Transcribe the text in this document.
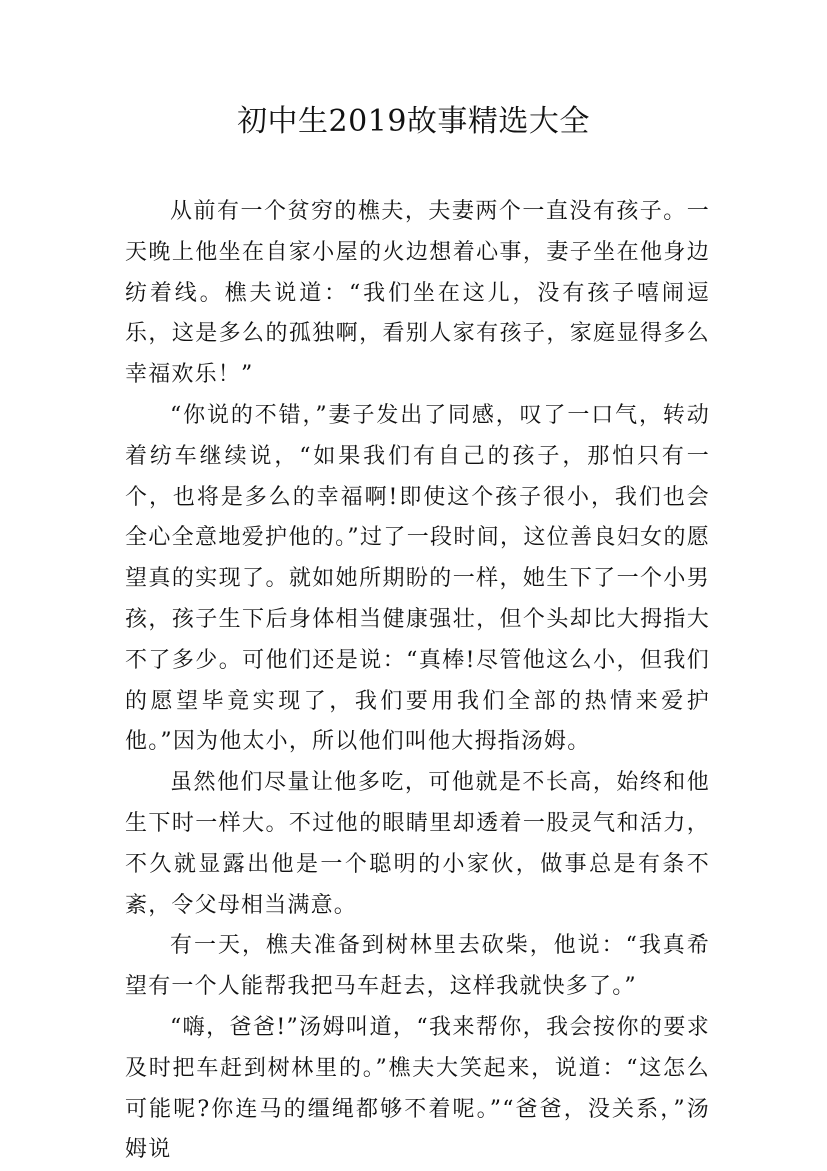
初中生2019故事精选大全

从前有一个贫穷的樵夫，夫妻两个一直没有孩子。一天晚上他坐在自家小屋的火边想着心事，妻子坐在他身边纺着线。樵夫说道：“我们坐在这儿，没有孩子嘻闹逗乐，这是多么的孤独啊，看别人家有孩子，家庭显得多么幸福欢乐！”

“你说的不错，”妻子发出了同感，叹了一口气，转动着纺车继续说，“如果我们有自己的孩子，那怕只有一个，也将是多么的幸福啊!即使这个孩子很小，我们也会全心全意地爱护他的。”过了一段时间，这位善良妇女的愿望真的实现了。就如她所期盼的一样，她生下了一个小男孩，孩子生下后身体相当健康强壮，但个头却比大拇指大不了多少。可他们还是说：“真棒!尽管他这么小，但我们的愿望毕竟实现了，我们要用我们全部的热情来爱护他。”因为他太小，所以他们叫他大拇指汤姆。

虽然他们尽量让他多吃，可他就是不长高，始终和他生下时一样大。不过他的眼睛里却透着一股灵气和活力，不久就显露出他是一个聪明的小家伙，做事总是有条不紊，令父母相当满意。

有一天，樵夫准备到树林里去砍柴，他说：“我真希望有一个人能帮我把马车赶去，这样我就快多了。”

“嗨，爸爸!”汤姆叫道，“我来帮你，我会按你的要求及时把车赶到树林里的。”樵夫大笑起来，说道：“这怎么可能呢?你连马的缰绳都够不着呢。”“爸爸，没关系，”汤姆说
